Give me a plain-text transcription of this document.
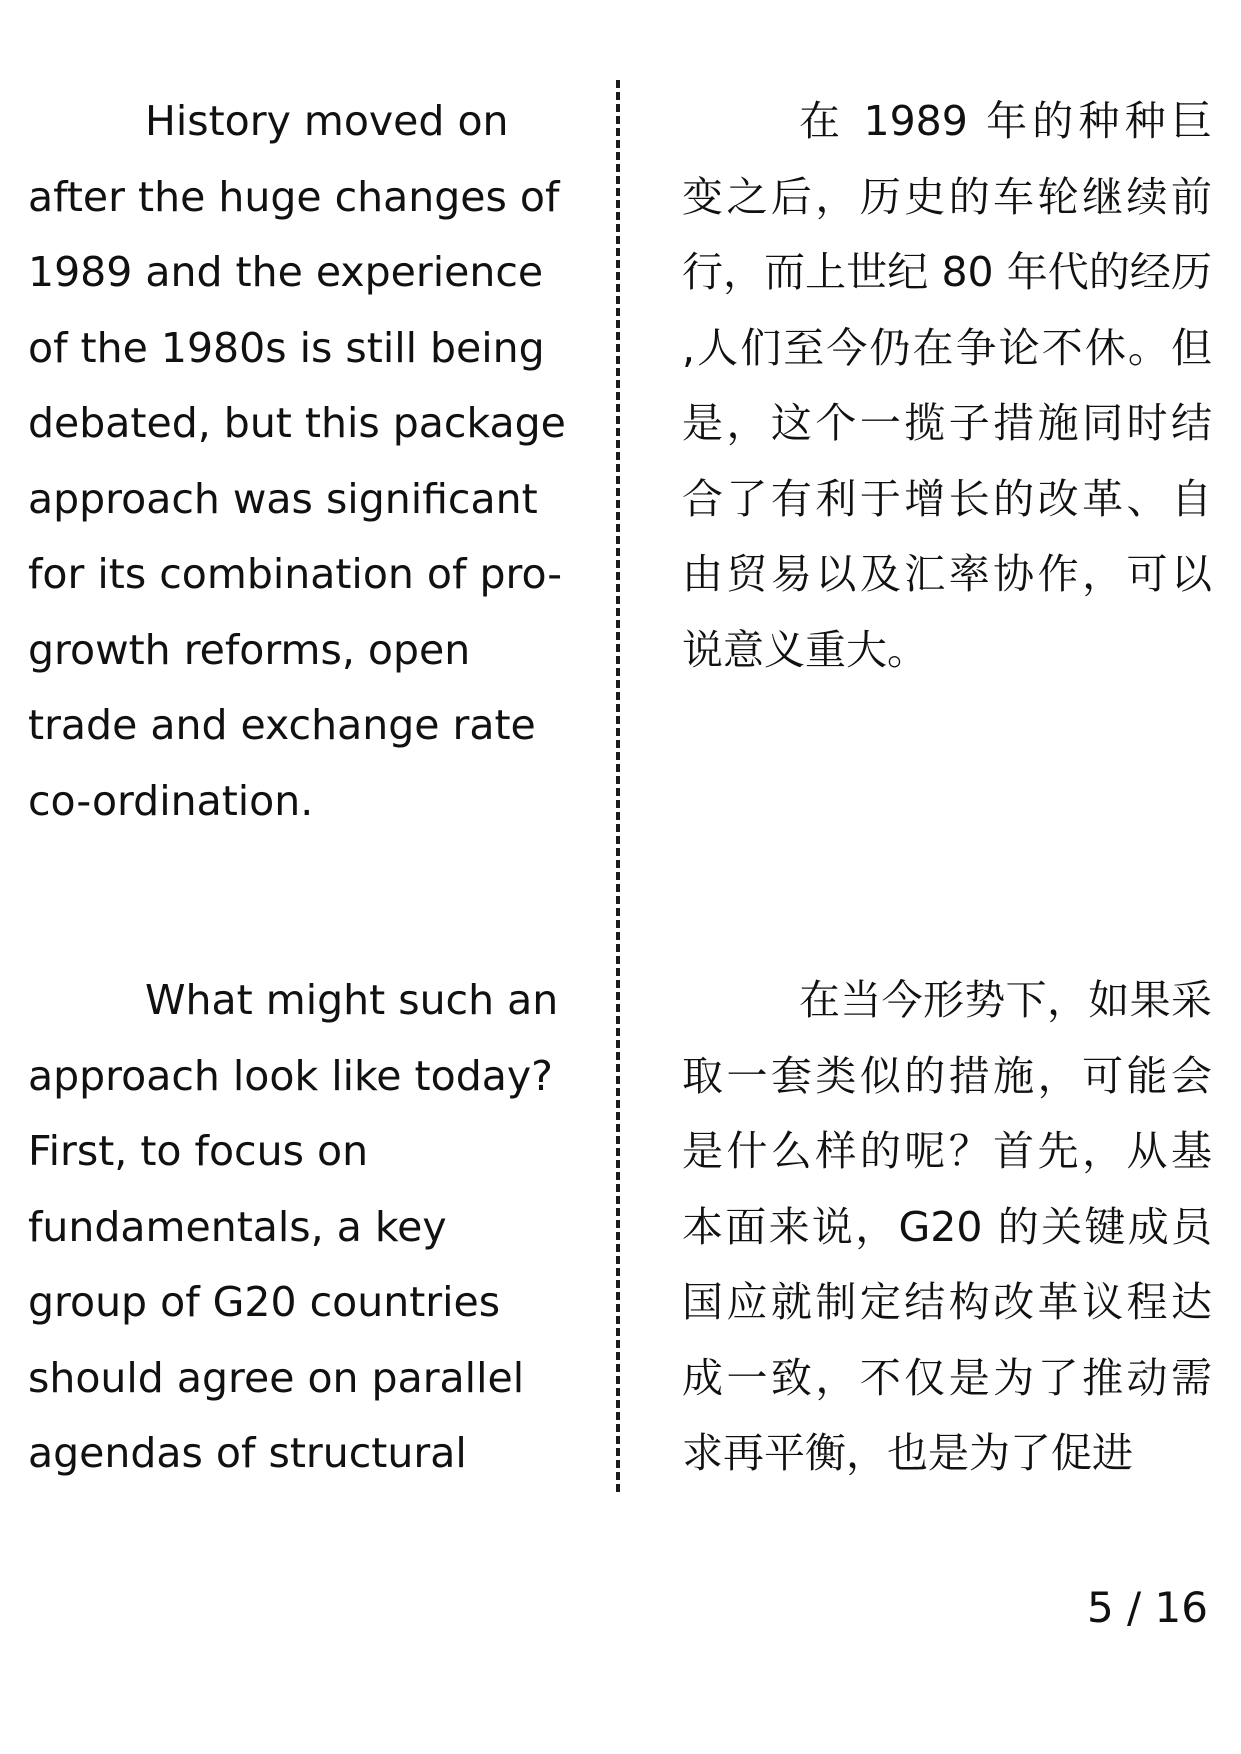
History moved on after the huge changes of 1989 and the experience of the 1980s is still being debated, but this package approach was significant for its combination of pro-growth reforms, open trade and exchange rate co-ordination.

在 1989 年的种种巨变之后，历史的车轮继续前行，而上世纪 80 年代的经历 ,人们至今仍在争论不休。但是，这个一揽子措施同时结合了有利于增长的改革、自由贸易以及汇率协作，可以说意义重大。

What might such an approach look like today? First, to focus on fundamentals, a key group of G20 countries should agree on parallel agendas of structural

在当今形势下，如果采取一套类似的措施，可能会是什么样的呢？首先，从基本面来说，G20 的关键成员国应就制定结构改革议程达成一致，不仅是为了推动需求再平衡，也是为了促进

5 / 16
